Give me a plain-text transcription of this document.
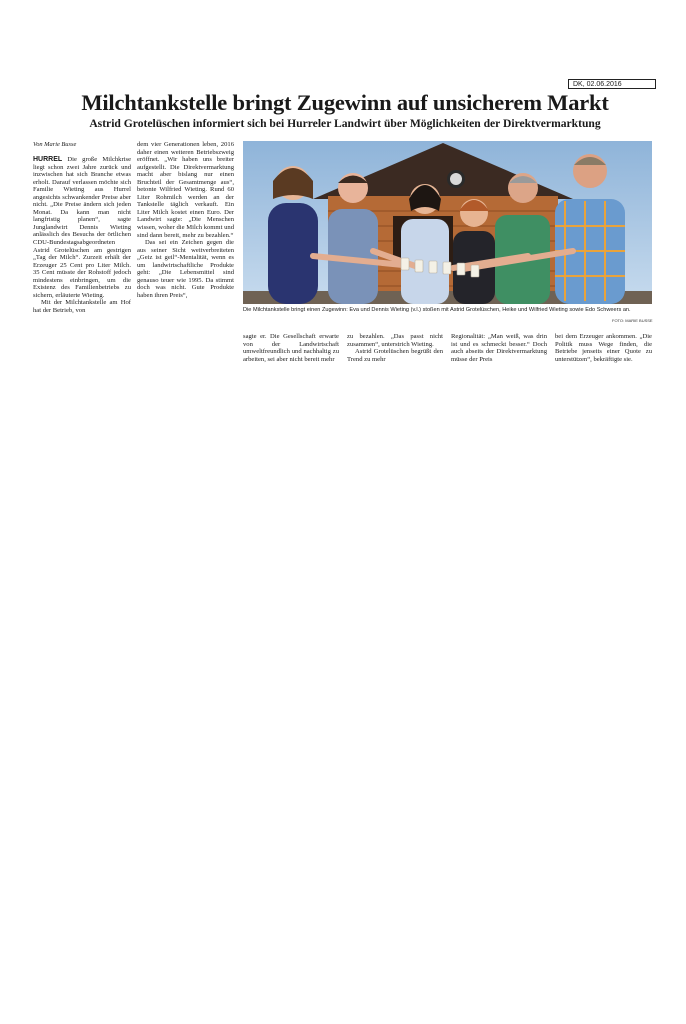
DK, 02.06.2016
Milchtankstelle bringt Zugewinn auf unsicherem Markt
Astrid Grotelüschen informiert sich bei Hurreler Landwirt über Möglichkeiten der Direktvermarktung
Von Marie Busse

HURREL Die große Milchkrise liegt schon zwei Jahre zurück und inzwischen hat sich Branche etwas erholt. Darauf verlassen möchte sich Familie Wieting aus Hurrel angesichts schwankender Preise aber nicht. „Die Preise ändern sich jeden Monat. Da kann man nicht langfristig planen“, sagte Junglandwirt Dennis Wieting anlässlich des Besuchs der örtlichen CDU-Bundestagsabgeordneten Astrid Grotelüschen am gestrigen „Tag der Milch“. Zurzeit erhält der Erzeuger 25 Cent pro Liter Milch. 35 Cent müsste der Rohstoff jedoch mindestens einbringen, um die Existenz des Familienbetriebs zu sichern, erläuterte Wieting.

Mit der Milchtankstelle am Hof hat der Betrieb, von

dem vier Generationen leben, 2016 daher einen weiteren Betriebszweig eröffnet. „Wir haben uns breiter aufgestellt. Die Direktvermarktung macht aber bislang nur einen Bruchteil der Gesamtmenge aus“, betonte Wilfried Wieting. Rund 60 Liter Rohmilch werden an der Tankstelle täglich verkauft. Ein Liter Milch kostet einen Euro. Der Landwirt sagte: „Die Menschen wissen, woher die Milch kommt und sind dann bereit, mehr zu bezahlen.“

Das sei ein Zeichen gegen die aus seiner Sicht weitverbreiteten „Geiz ist geil“-Mentalität, wenn es um landwirtschaftliche Produkte geht: „Die Lebensmittel sind genauso teuer wie 1995. Da stimmt doch was nicht. Gute Produkte haben ihren Preis“,

Die Milchtankstelle bringt einen Zugewinn: Eva und Dennis Wieting (v.l.) stoßen mit Astrid Grotelüschen, Heike und Wilfried Wieting sowie Edo Schweers an.
FOTO: MARIE BUSSE

sagte er. Die Gesellschaft erwarte von der Landwirtschaft umweltfreundlich und nachhaltig zu arbeiten, sei aber nicht bereit mehr

zu bezahlen. „Das passt nicht zusammen“, unterstrich Wieting.

Astrid Grotelüschen begrüßt den Trend zu mehr

Regionalität: „Man weiß, was drin ist und es schmeckt besser.“ Doch auch abseits der Direktvermarktung müsse der Preis

bei dem Erzeuger ankommen. „Die Politik muss Wege finden, die Betriebe jenseits einer Quote zu unterstützen“, bekräftigte sie.
